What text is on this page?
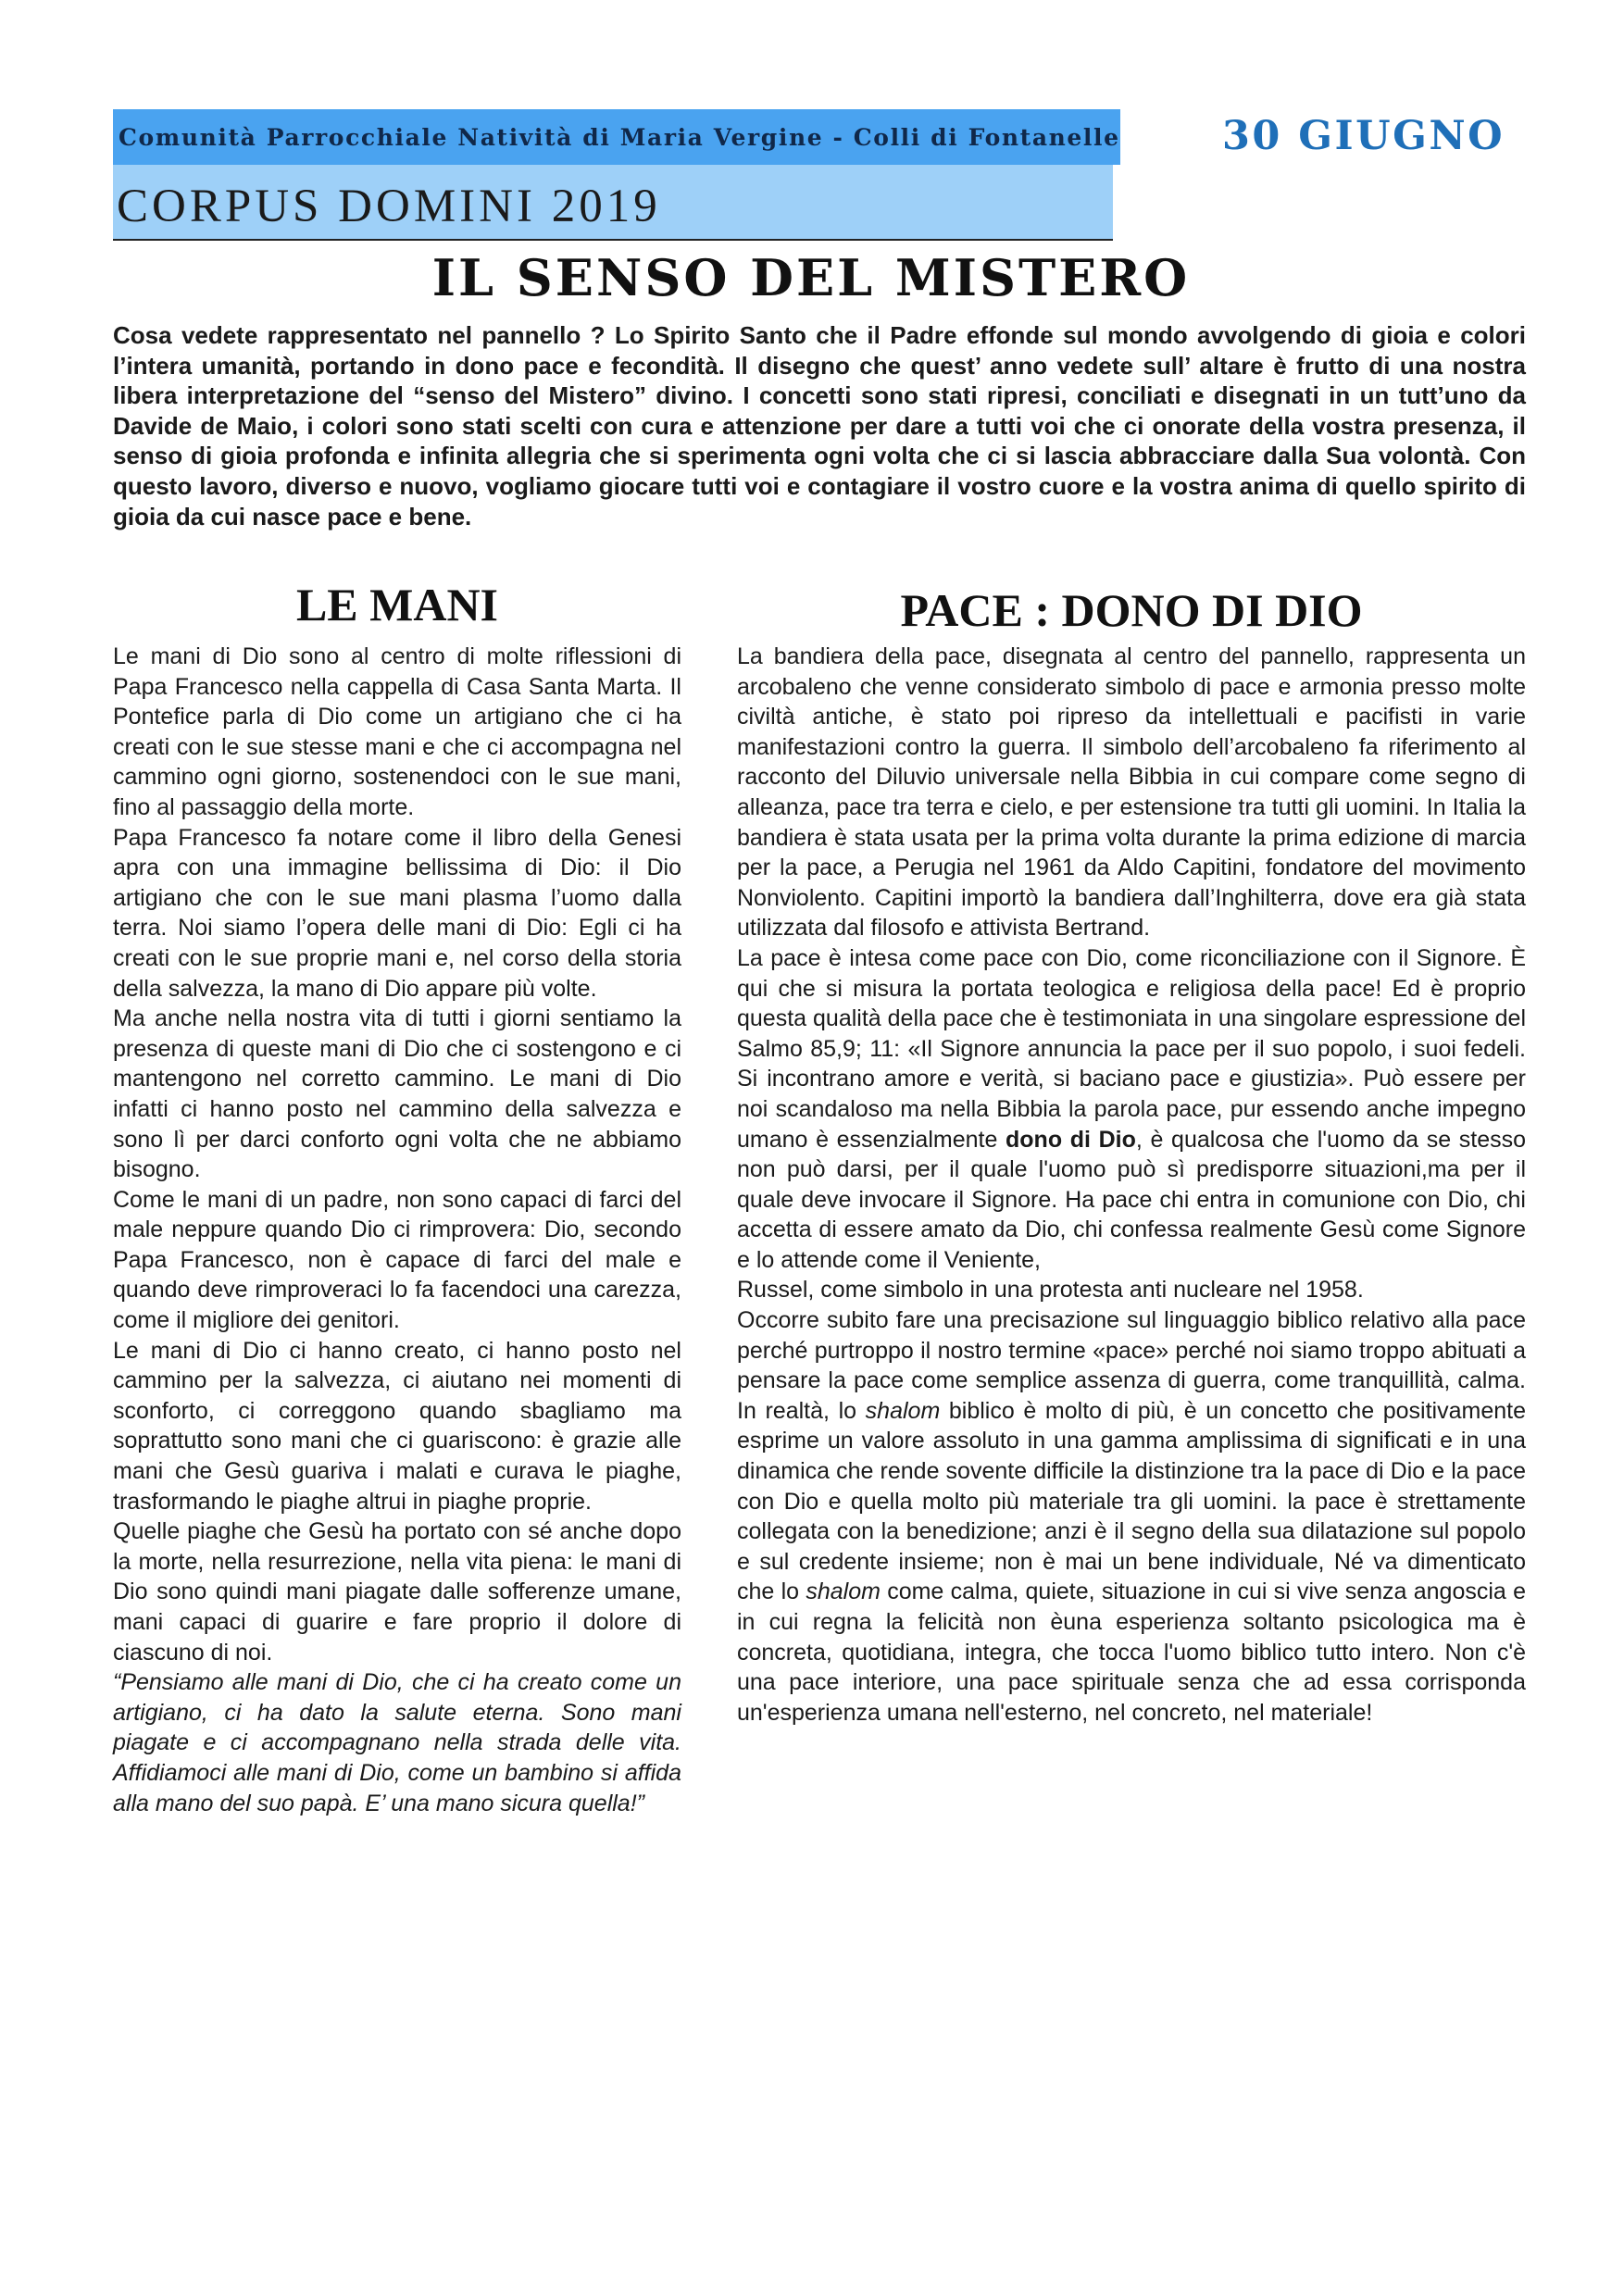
Comunità Parrocchiale Natività di Maria Vergine - Colli di Fontanelle	30 GIUGNO
CORPUS DOMINI 2019
IL SENSO DEL MISTERO

Cosa vedete rappresentato nel pannello ? Lo Spirito Santo che il Padre effonde sul mondo avvolgendo di gioia e colori l’intera umanità, portando in dono pace e fecondità. Il disegno che quest’ anno vedete sull’ altare è frutto di una nostra libera interpretazione del “senso del Mistero” divino. I concetti sono stati ripresi, conciliati e disegnati in un tutt’uno da Davide de Maio, i colori sono stati scelti con cura e attenzione per dare a tutti voi che ci onorate della vostra presenza, il senso di gioia profonda e infinita allegria che si sperimenta ogni volta che ci si lascia abbracciare dalla Sua volontà. Con questo lavoro, diverso e nuovo, vogliamo giocare tutti voi e contagiare il vostro cuore e la vostra anima di quello spirito di gioia da cui nasce pace e bene.

LE MANI	PACE : DONO DI DIO

Le mani di Dio sono al centro di molte riflessioni di Papa Francesco nella cappella di Casa Santa Marta. Il Pontefice parla di Dio come un artigiano che ci ha creati con le sue stesse mani e che ci accompagna nel cammino ogni giorno, sostenendoci con le sue mani, fino al passaggio della morte.

Papa Francesco fa notare come il libro della Genesi apra con una immagine bellissima di Dio: il Dio artigiano che con le sue mani plasma l’uomo dalla terra. Noi siamo l’opera delle mani di Dio: Egli ci ha creati con le sue proprie mani e, nel corso della storia della salvezza, la mano di Dio appare più volte.

Ma anche nella nostra vita di tutti i giorni sentiamo la presenza di queste mani di Dio che ci sostengono e ci mantengono nel corretto cammino. Le mani di Dio infatti ci hanno posto nel cammino della salvezza e sono lì per darci conforto ogni volta che ne abbiamo bisogno.

Come le mani di un padre, non sono capaci di farci del male neppure quando Dio ci rimprovera: Dio, secondo Papa Francesco, non è capace di farci del male e quando deve rimproveraci lo fa facendoci una carezza, come il migliore dei genitori.

Le mani di Dio ci hanno creato, ci hanno posto nel cammino per la salvezza, ci aiutano nei momenti di sconforto, ci correggono quando sbagliamo ma soprattutto sono mani che ci guariscono: è grazie alle mani che Gesù guariva i malati e curava le piaghe, trasformando le piaghe altrui in piaghe proprie.

Quelle piaghe che Gesù ha portato con sé anche dopo la morte, nella resurrezione, nella vita piena: le mani di Dio sono quindi mani piagate dalle sofferenze umane, mani capaci di guarire e fare proprio il dolore di ciascuno di noi.

“Pensiamo alle mani di Dio, che ci ha creato come un artigiano, ci ha dato la salute eterna. Sono mani piagate e ci accompagnano nella strada delle vita. Affidiamoci alle mani di Dio, come un bambino si affida alla mano del suo papà. E’ una mano sicura quella!”

La bandiera della pace, disegnata al centro del pannello, rappresenta un arcobaleno che venne considerato simbolo di pace e armonia presso molte civiltà antiche, è stato poi ripreso da intellettuali e pacifisti in varie manifestazioni contro la guerra. Il simbolo dell’arcobaleno fa riferimento al racconto del Diluvio universale nella Bibbia in cui compare come segno di alleanza, pace tra terra e cielo, e per estensione tra tutti gli uomini. In Italia la bandiera è stata usata per la prima volta durante la prima edizione di marcia per la pace, a Perugia nel 1961 da Aldo Capitini, fondatore del movimento Nonviolento. Capitini importò la bandiera dall’Inghilterra, dove era già stata utilizzata dal filosofo e attivista Bertrand.

La pace è intesa come pace con Dio, come riconciliazione con il Signore. È qui che si misura la portata teologica e religiosa della pace! Ed è proprio questa qualità della pace che è testimoniata in una singolare espressione del Salmo 85,9; 11: «Il Signore annuncia la pace per il suo popolo, i suoi fedeli. Si incontrano amore e verità, si baciano pace e giustizia». Può essere per noi scandaloso ma nella Bibbia la parola pace, pur essendo anche impegno umano è essenzialmente dono di Dio, è qualcosa che l'uomo da se stesso non può darsi, per il quale l'uomo può sì predisporre situazioni,ma per il quale deve invocare il Signore. Ha pace chi entra in comunione con Dio, chi accetta di essere amato da Dio, chi confessa realmente Gesù come Signore e lo attende come il Veniente,

Russel, come simbolo in una protesta anti nucleare nel 1958.

Occorre subito fare una precisazione sul linguaggio biblico relativo alla pace perché purtroppo il nostro termine «pace» perché noi siamo troppo abituati a pensare la pace come semplice assenza di guerra, come tranquillità, calma. In realtà, lo shalom biblico è molto di più, è un concetto che positivamente esprime un valore assoluto in una gamma amplissima di significati e in una dinamica che rende sovente difficile la distinzione tra la pace di Dio e la pace con Dio e quella molto più materiale tra gli uomini. la pace è strettamente collegata con la benedizione; anzi è il segno della sua dilatazione sul popolo e sul credente insieme; non è mai un bene individuale, Né va dimenticato che lo shalom come calma, quiete, situazione in cui si vive senza angoscia e in cui regna la felicità non èuna esperienza soltanto psicologica ma è concreta, quotidiana, integra, che tocca l'uomo biblico tutto intero. Non c'è una pace interiore, una pace spirituale senza che ad essa corrisponda un'esperienza umana nell'esterno, nel concreto, nel materiale!
